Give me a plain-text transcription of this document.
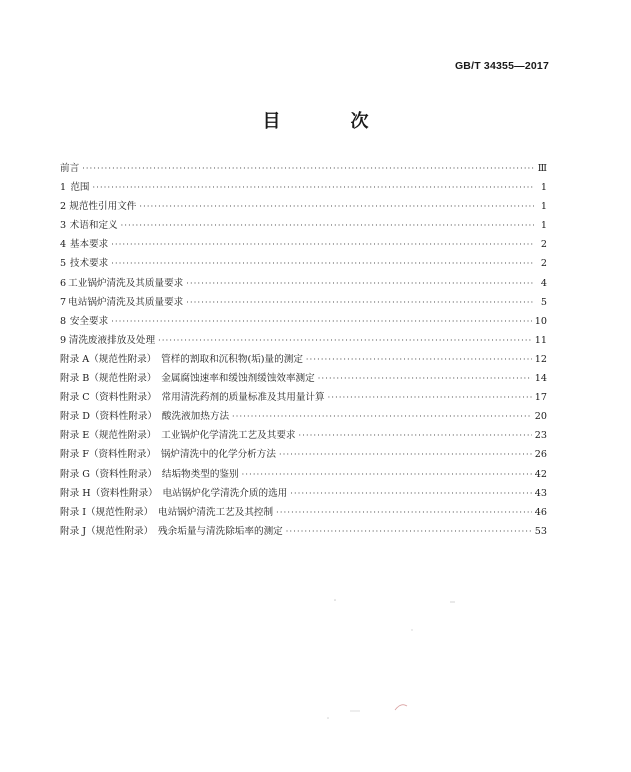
GB/T 34355—2017
目　次
前言 ·····	Ⅲ
1 范围 ·····	1
2 规范性引用文件 ·····	1
3 术语和定义 ·····	1
4 基本要求 ·····	2
5 技术要求 ·····	2
6 工业锅炉清洗及其质量要求 ·····	4
7 电站锅炉清洗及其质量要求 ·····	5
8 安全要求 ·····	10
9 清洗废液排放及处理 ·····	11
附录 A（规范性附录）　管样的割取和沉积物(垢)量的测定 ·····	12
附录 B（规范性附录）　金属腐蚀速率和缓蚀剂缓蚀效率测定 ·····	14
附录 C（资料性附录）　常用清洗药剂的质量标准及其用量计算 ·····	17
附录 D（资料性附录）　酸洗液加热方法 ·····	20
附录 E（规范性附录）　工业锅炉化学清洗工艺及其要求 ·····	23
附录 F（资料性附录）　锅炉清洗中的化学分析方法 ·····	26
附录 G（资料性附录）　结垢物类型的鉴别 ·····	42
附录 H（资料性附录）　电站锅炉化学清洗介质的选用 ·····	43
附录 I（规范性附录）　电站锅炉清洗工艺及其控制 ·····	46
附录 J（规范性附录）　残余垢量与清洗除垢率的测定 ·····	53
